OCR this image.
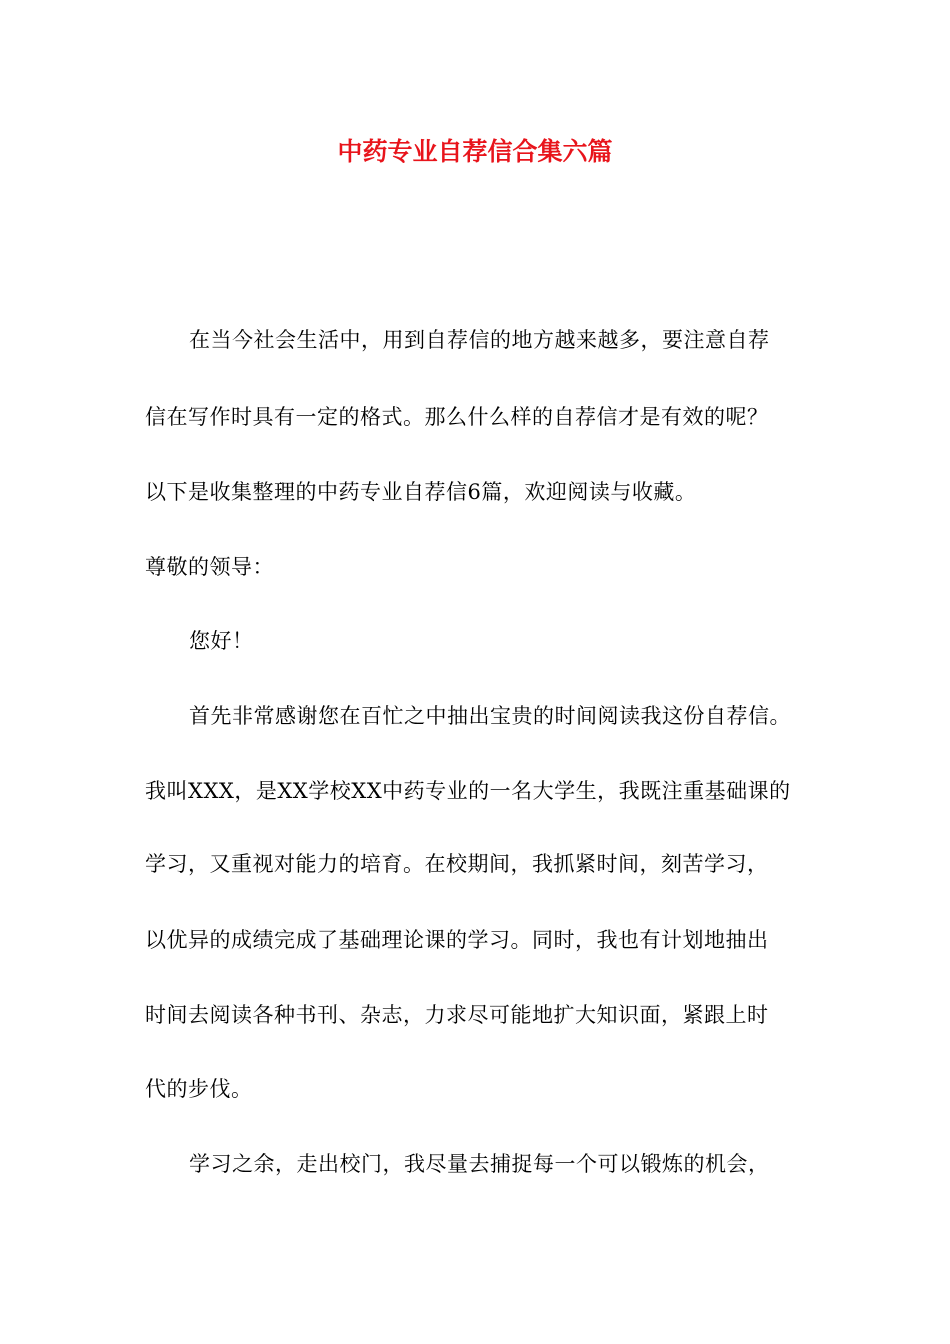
中药专业自荐信合集六篇

在当今社会生活中，用到自荐信的地方越来越多，要注意自荐

信在写作时具有一定的格式。那么什么样的自荐信才是有效的呢？

以下是收集整理的中药专业自荐信6篇，欢迎阅读与收藏。

尊敬的领导：

您好！

首先非常感谢您在百忙之中抽出宝贵的时间阅读我这份自荐信。

我叫XXX，是XX学校XX中药专业的一名大学生，我既注重基础课的

学习，又重视对能力的培育。在校期间，我抓紧时间，刻苦学习，

以优异的成绩完成了基础理论课的学习。同时，我也有计划地抽出

时间去阅读各种书刊、杂志，力求尽可能地扩大知识面，紧跟上时

代的步伐。

学习之余，走出校门，我尽量去捕捉每一个可以锻炼的机会，
